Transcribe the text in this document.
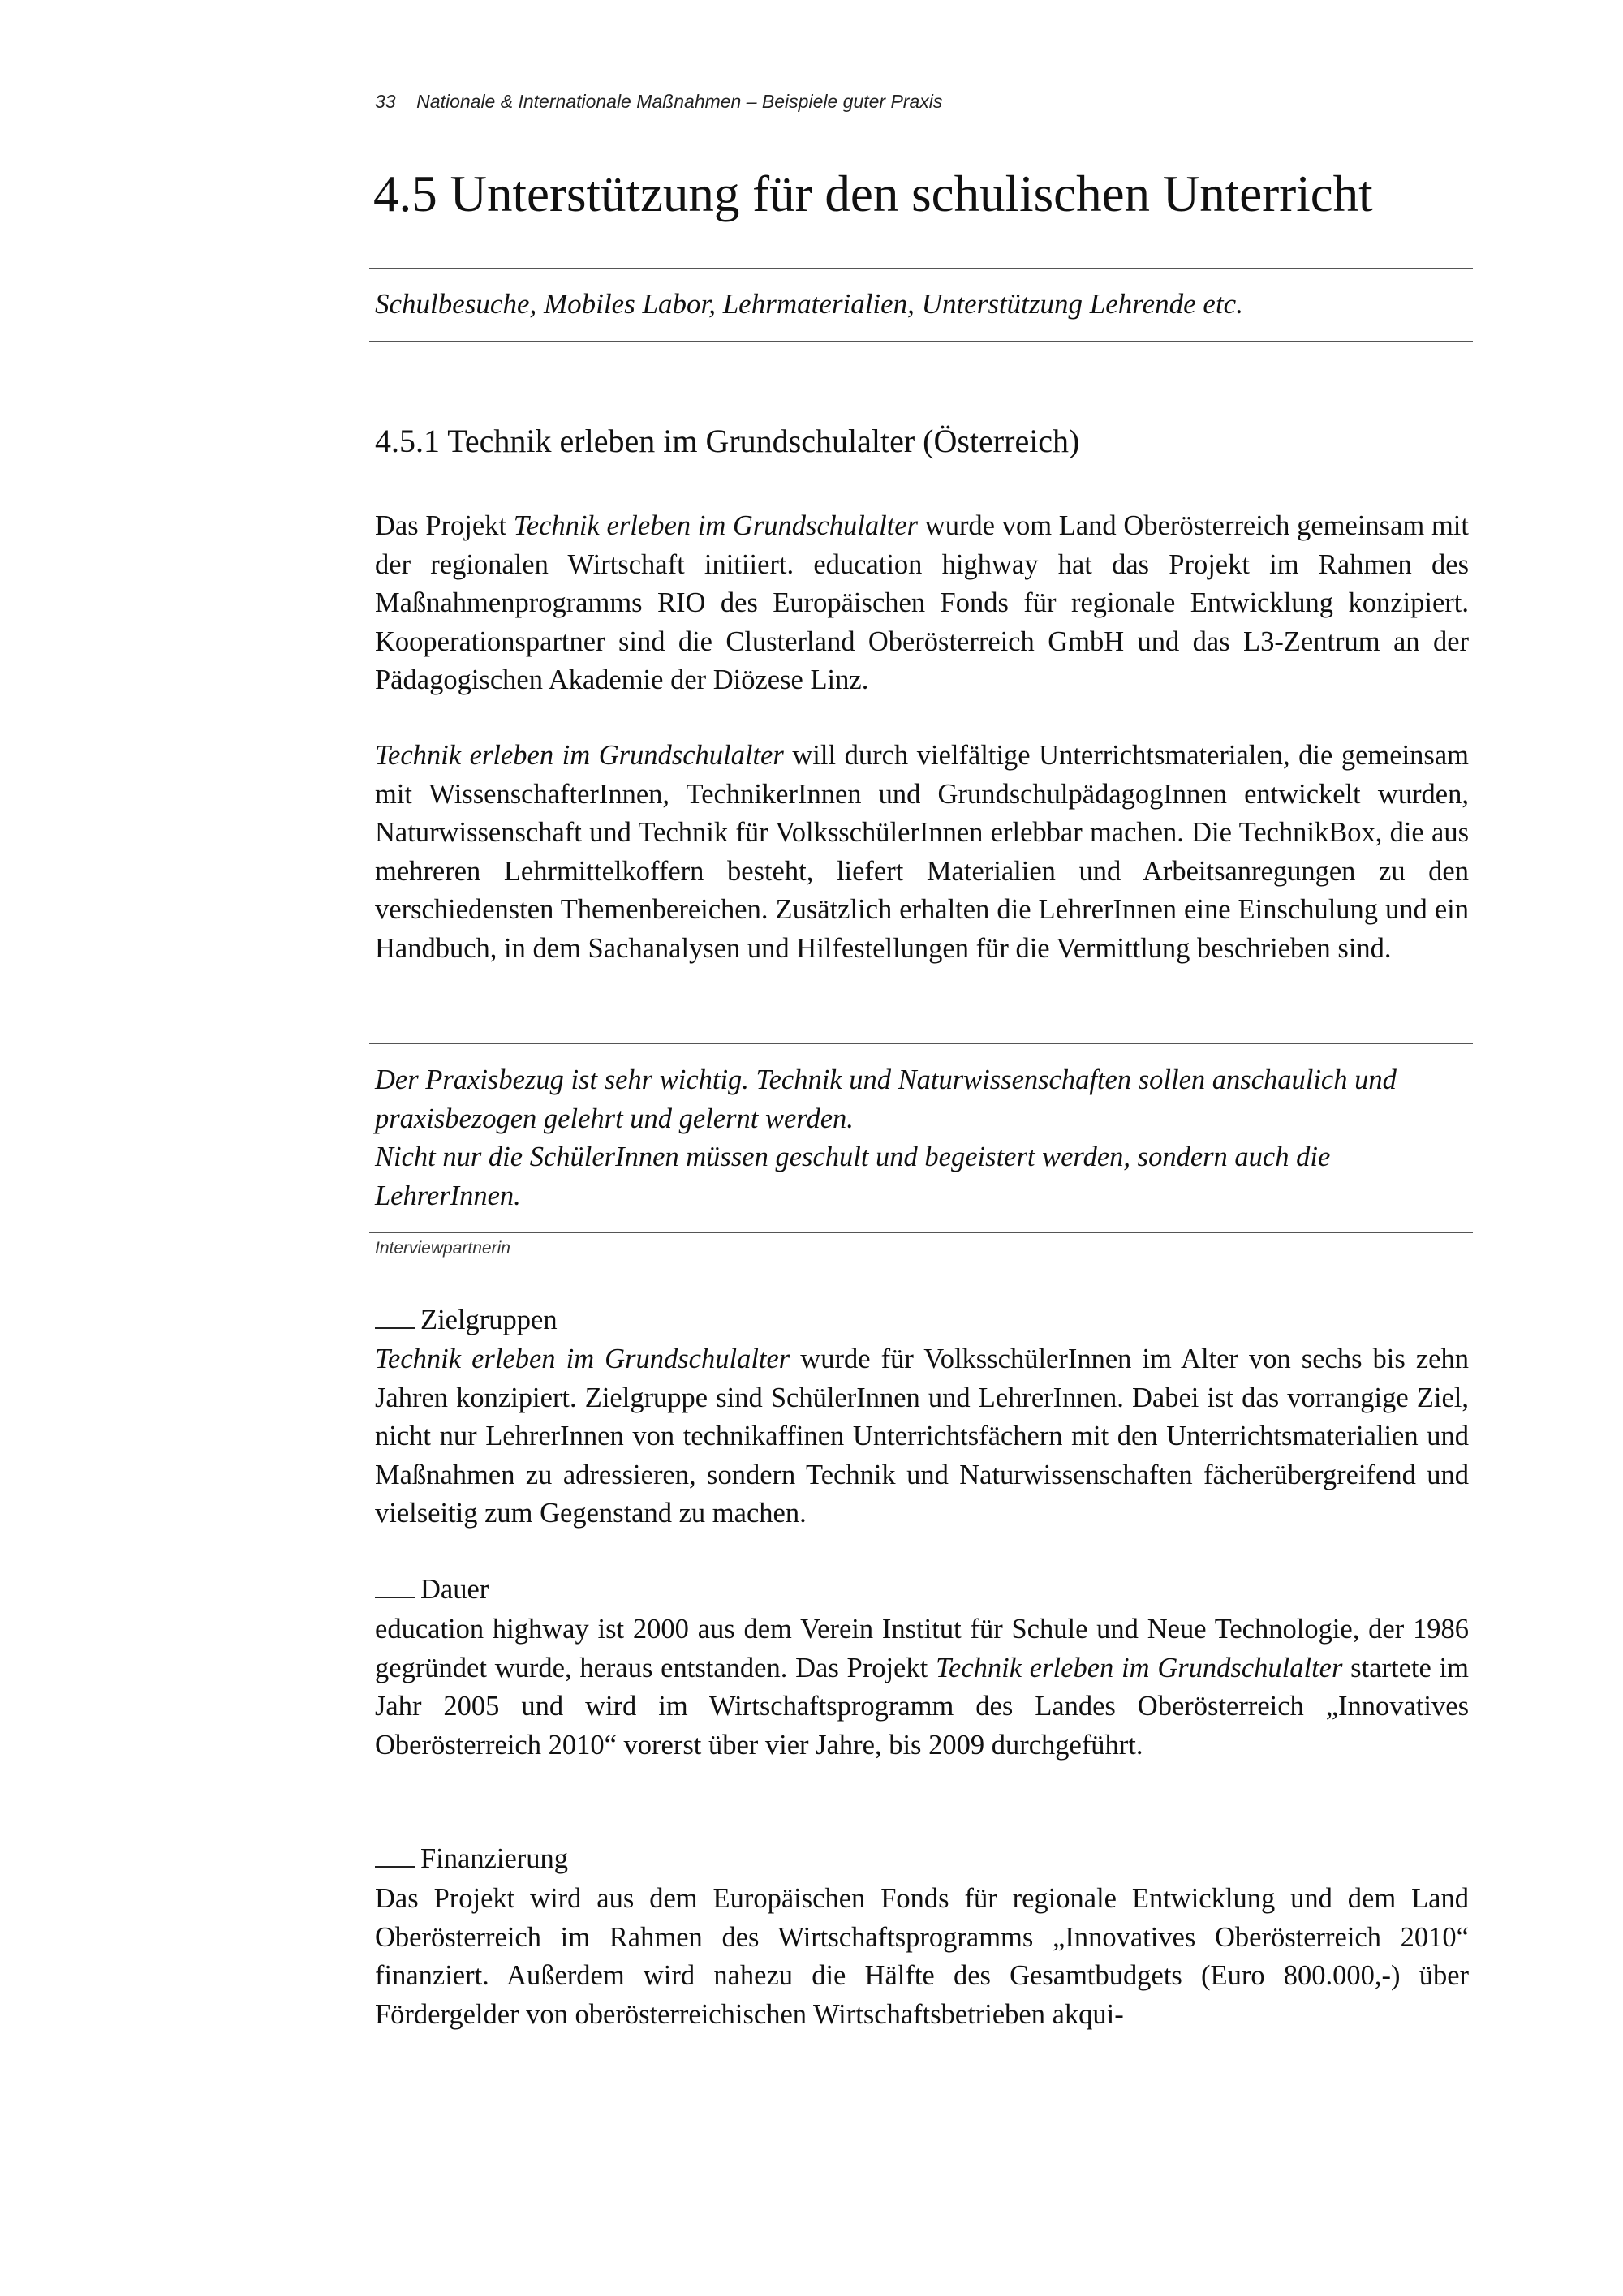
33__Nationale & Internationale Maßnahmen – Beispiele guter Praxis
4.5 Unterstützung für den schulischen Unterricht
Schulbesuche, Mobiles Labor, Lehrmaterialien, Unterstützung Lehrende etc.
4.5.1 Technik erleben im Grundschulalter (Österreich)

Das Projekt Technik erleben im Grundschulalter wurde vom Land Oberösterreich gemeinsam mit der regionalen Wirtschaft initiiert. education highway hat das Projekt im Rahmen des Maßnahmenprogramms RIO des Europäischen Fonds für regionale Entwicklung konzipiert. Kooperationspartner sind die Clusterland Oberösterreich GmbH und das L3-Zentrum an der Pädagogischen Akademie der Diözese Linz.

Technik erleben im Grundschulalter will durch vielfältige Unterrichtsmaterialen, die gemeinsam mit WissenschafterInnen, TechnikerInnen und GrundschulpädagogInnen entwickelt wurden, Naturwissenschaft und Technik für VolksschülerInnen erlebbar machen. Die TechnikBox, die aus mehreren Lehrmittelkoffern besteht, liefert Materialien und Arbeitsanregungen zu den verschiedensten Themenbereichen. Zusätzlich erhalten die LehrerInnen eine Einschulung und ein Handbuch, in dem Sachanalysen und Hilfestellungen für die Vermittlung beschrieben sind.

Der Praxisbezug ist sehr wichtig. Technik und Naturwissenschaften sollen anschaulich und praxisbezogen gelehrt und gelernt werden.
Nicht nur die SchülerInnen müssen geschult und begeistert werden, sondern auch die LehrerInnen.
Interviewpartnerin
Zielgruppen

Technik erleben im Grundschulalter wurde für VolksschülerInnen im Alter von sechs bis zehn Jahren konzipiert. Zielgruppe sind SchülerInnen und LehrerInnen. Dabei ist das vorrangige Ziel, nicht nur LehrerInnen von technikaffinen Unterrichtsfächern mit den Unterrichtsmaterialien und Maßnahmen zu adressieren, sondern Technik und Naturwissenschaften fächerübergreifend und vielseitig zum Gegenstand zu machen.

Dauer

education highway ist 2000 aus dem Verein Institut für Schule und Neue Technologie, der 1986 gegründet wurde, heraus entstanden. Das Projekt Technik erleben im Grundschulalter startete im Jahr 2005 und wird im Wirtschaftsprogramm des Landes Oberösterreich „Innovatives Oberösterreich 2010“ vorerst über vier Jahre, bis 2009 durchgeführt.

Finanzierung

Das Projekt wird aus dem Europäischen Fonds für regionale Entwicklung und dem Land Oberösterreich im Rahmen des Wirtschaftsprogramms „Innovatives Oberösterreich 2010“ finanziert. Außerdem wird nahezu die Hälfte des Gesamtbudgets (Euro 800.000,-) über Fördergelder von oberösterreichischen Wirtschaftsbetrieben akqui-
